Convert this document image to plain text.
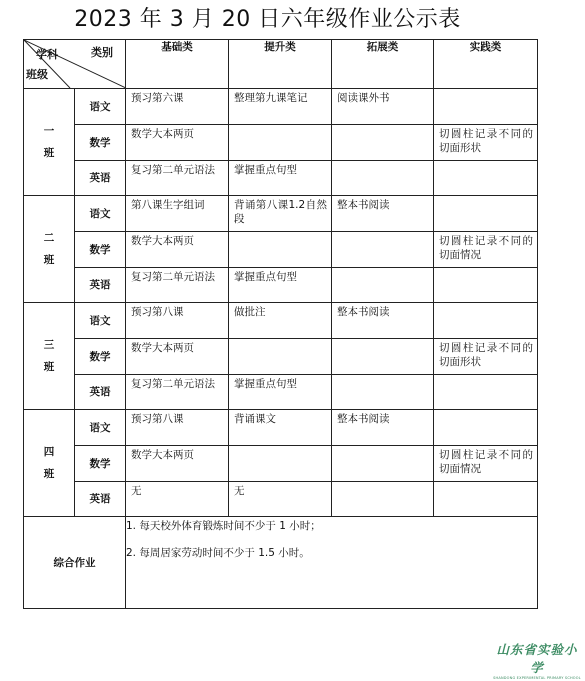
2023 年 3 月 20 日六年级作业公示表
学科 类别
班级		基础类	提升类	拓展类	实践类

一班	语文	预习第六课	整理第九课笔记	阅读课外书	

	数学	数学大本两页			切圆柱记录不同的切面形状

	英语	复习第二单元语法	掌握重点句型		

二班	语文	第八课生字组词	背诵第八课1.2自然段	整本书阅读	

	数学	数学大本两页			切圆柱记录不同的切面情况

	英语	复习第二单元语法	掌握重点句型		

三班	语文	预习第八课	做批注	整本书阅读	

	数学	数学大本两页			切圆柱记录不同的切面形状

	英语	复习第二单元语法	掌握重点句型		

四班	语文	预习第八课	背诵课文	整本书阅读	

	数学	数学大本两页			切圆柱记录不同的切面情况

	英语	无	无		

综合作业		1. 每天校外体育锻炼时间不少于 1 小时；

2. 每周居家劳动时间不少于 1.5 小时。			

山东省实验小学
SHANDONG EXPERIMENTAL PRIMARY SCHOOL
